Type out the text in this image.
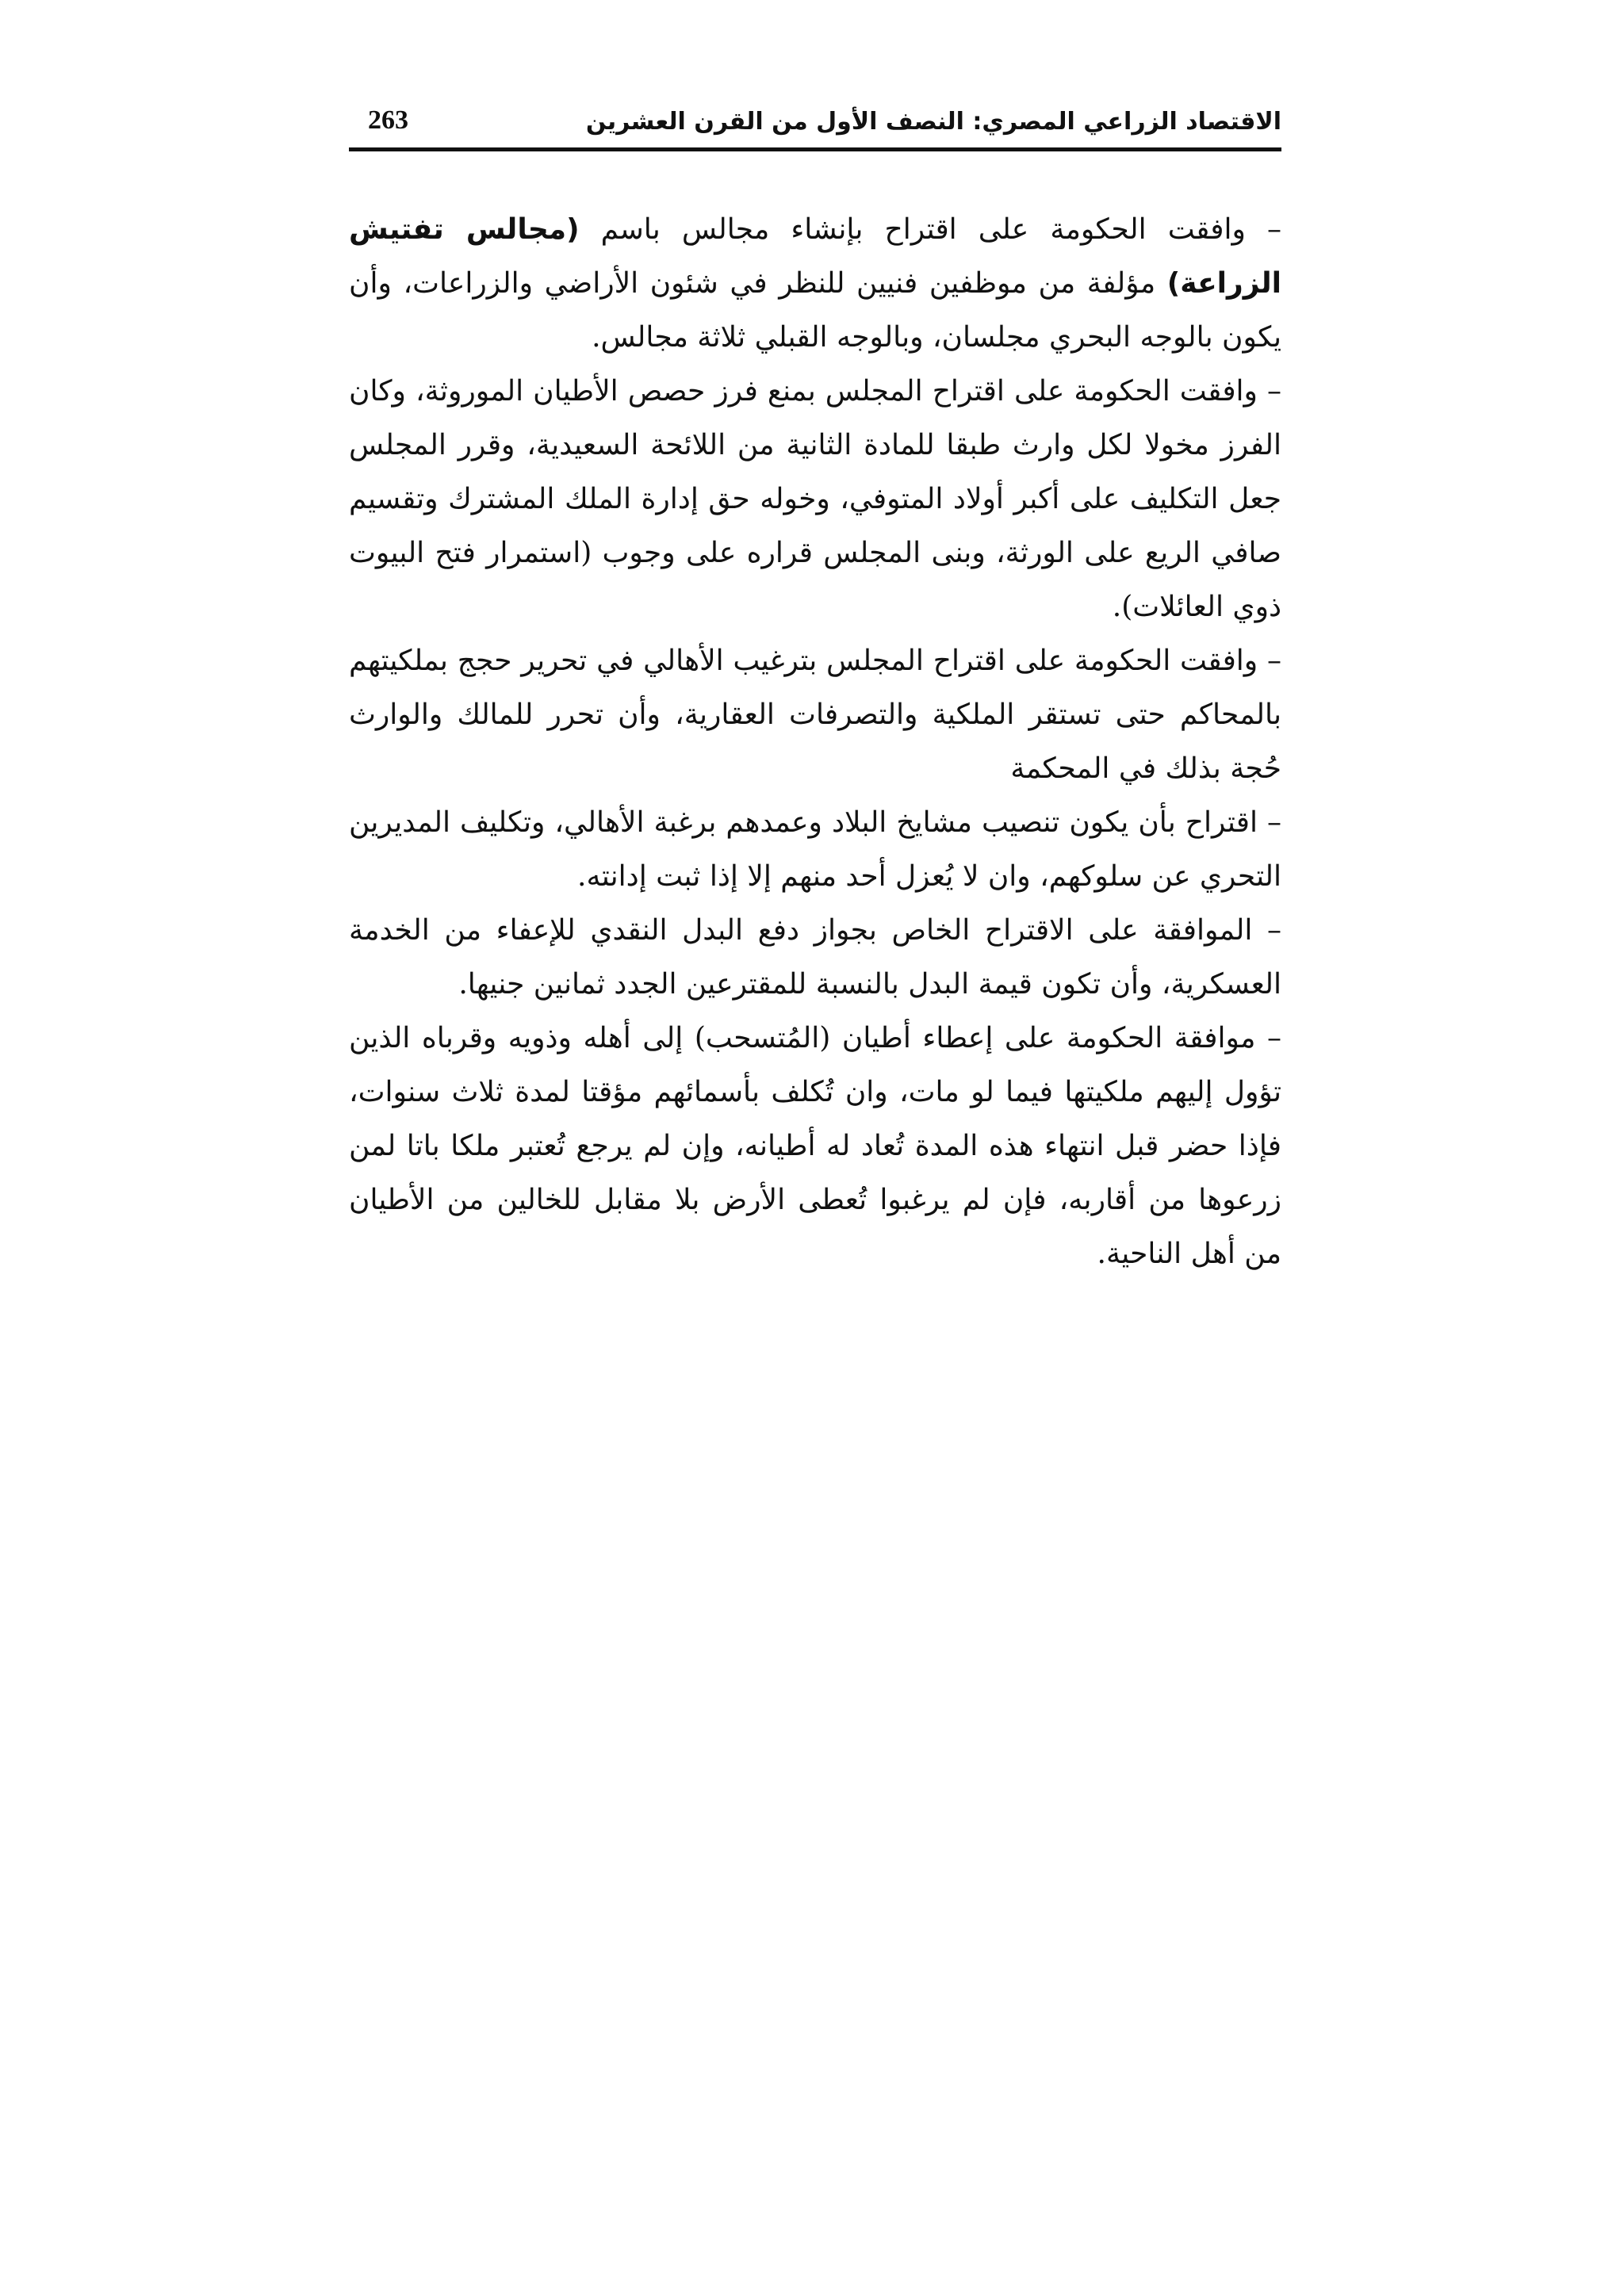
الاقتصاد الزراعي المصري: النصف الأول من القرن العشرين
263

– وافقت الحكومة على اقتراح بإنشاء مجالس باسم (مجالس تفتيش الزراعة) مؤلفة من موظفين فنيين للنظر في شئون الأراضي والزراعات، وأن يكون بالوجه البحري مجلسان، وبالوجه القبلي ثلاثة مجالس.

– وافقت الحكومة على اقتراح المجلس بمنع فرز حصص الأطيان الموروثة، وكان الفرز مخولا لكل وارث طبقا للمادة الثانية من اللائحة السعيدية، وقرر المجلس جعل التكليف على أكبر أولاد المتوفي، وخوله حق إدارة الملك المشترك وتقسيم صافي الريع على الورثة، وبنى المجلس قراره على وجوب (استمرار فتح البيوت ذوي العائلات).

– وافقت الحكومة على اقتراح المجلس بترغيب الأهالي في تحرير حجج بملكيتهم بالمحاكم حتى تستقر الملكية والتصرفات العقارية، وأن تحرر للمالك والوارث حُجة بذلك في المحكمة

– اقتراح بأن يكون تنصيب مشايخ البلاد وعمدهم برغبة الأهالي، وتكليف المديرين التحري عن سلوكهم، وان لا يُعزل أحد منهم إلا إذا ثبت إدانته.

– الموافقة على الاقتراح الخاص بجواز دفع البدل النقدي للإعفاء من الخدمة العسكرية، وأن تكون قيمة البدل بالنسبة للمقترعين الجدد ثمانين جنيها.

– موافقة الحكومة على إعطاء أطيان (المُتسحب) إلى أهله وذويه وقرباه الذين تؤول إليهم ملكيتها فيما لو مات، وان تُكلف بأسمائهم مؤقتا لمدة ثلاث سنوات، فإذا حضر قبل انتهاء هذه المدة تُعاد له أطيانه، وإن لم يرجع تُعتبر ملكا باتا لمن زرعوها من أقاربه، فإن لم يرغبوا تُعطى الأرض بلا مقابل للخالين من الأطيان من أهل الناحية.
